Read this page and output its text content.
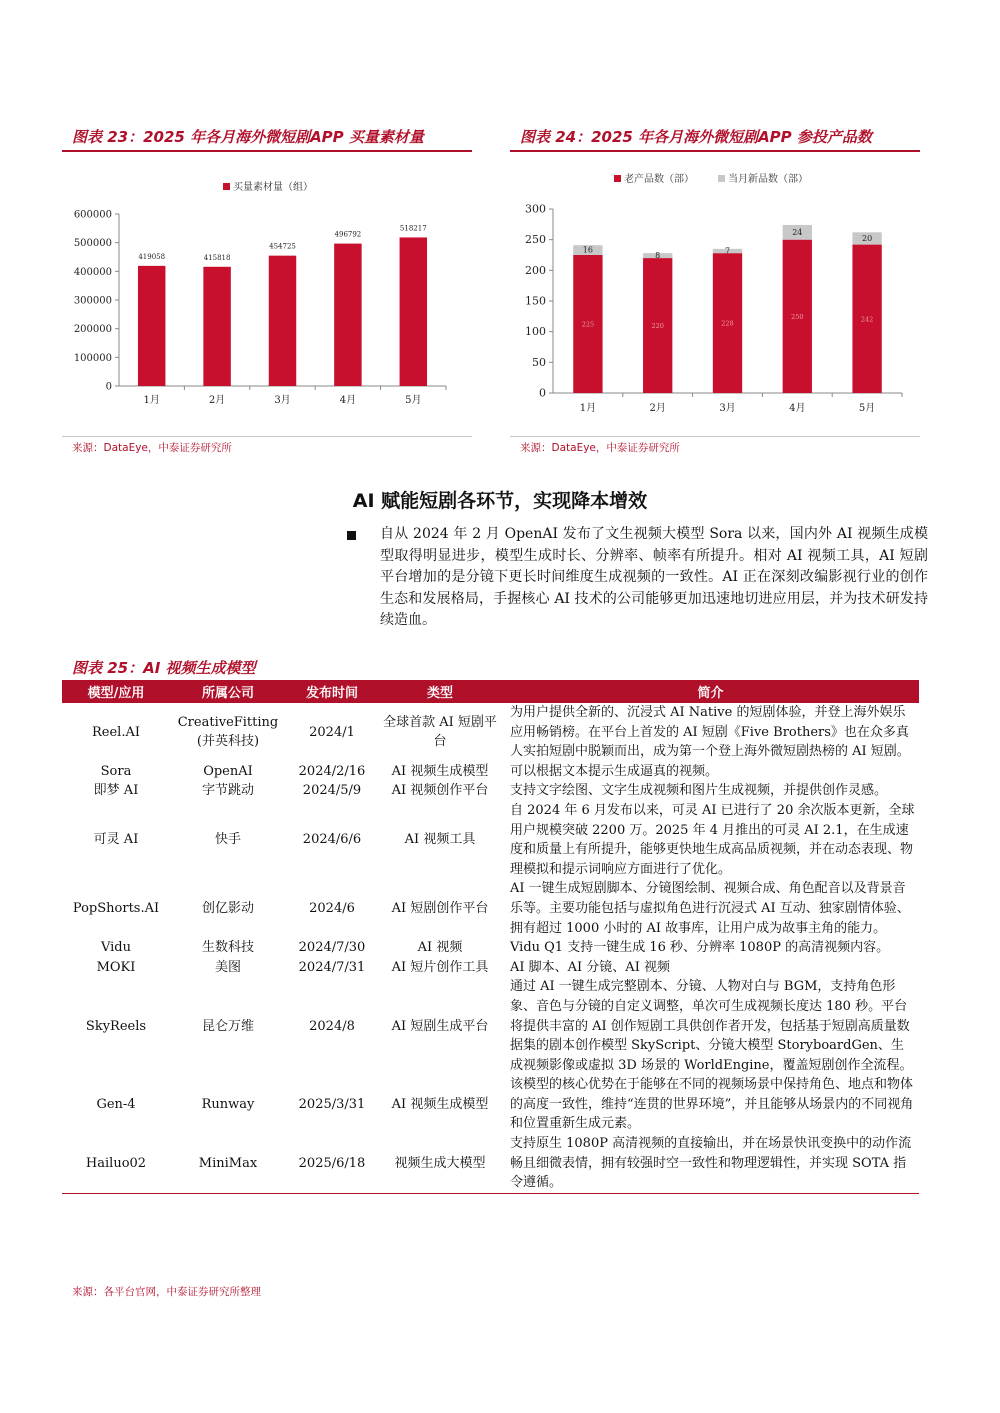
图表 23：2025 年各月海外微短剧APP 买量素材量
买量素材量（组）
0
100000
200000
300000
400000
500000
600000
419058
1月
415818
2月
454725
3月
496792
4月
518217
5月
来源：DataEye，中泰证券研究所
图表 24：2025 年各月海外微短剧APP 参投产品数
老产品数（部）	当月新品数（部）
0
50
100
150
200
250
300
225
16
1月
220
8
2月
228
7
3月
250
24
4月
242
20
5月
来源：DataEye，中泰证券研究所
AI 赋能短剧各环节，实现降本增效
自从 2024 年 2 月 OpenAI 发布了文生视频大模型 Sora 以来，国内外 AI 视频生成模型取得明显进步，模型生成时长、分辨率、帧率有所提升。相对 AI 视频工具，AI 短剧平台增加的是分镜下更长时间维度生成视频的一致性。AI 正在深刻改编影视行业的创作生态和发展格局，手握核心 AI 技术的公司能够更加迅速地切进应用层，并为技术研发持续造血。
图表 25：AI 视频生成模型
模型/应用	所属公司	发布时间	类型	简介
Reel.AI	CreativeFitting (并英科技)	2024/1	全球首款 AI 短剧平台	为用户提供全新的、沉浸式 AI Native 的短剧体验，并登上海外娱乐应用畅销榜。在平台上首发的 AI 短剧《Five Brothers》也在众多真人实拍短剧中脱颖而出，成为第一个登上海外微短剧热榜的 AI 短剧。
Sora	OpenAI	2024/2/16	AI 视频生成模型	可以根据文本提示生成逼真的视频。
即梦 AI	字节跳动	2024/5/9	AI 视频创作平台	支持文字绘图、文字生成视频和图片生成视频，并提供创作灵感。
可灵 AI	快手	2024/6/6	AI 视频工具	自 2024 年 6 月发布以来，可灵 AI 已进行了 20 余次版本更新，全球用户规模突破 2200 万。2025 年 4 月推出的可灵 AI 2.1，在生成速度和质量上有所提升，能够更快地生成高品质视频，并在动态表现、物理模拟和提示词响应方面进行了优化。
PopShorts.AI	创亿影动	2024/6	AI 短剧创作平台	AI 一键生成短剧脚本、分镜图绘制、视频合成、角色配音以及背景音乐等。主要功能包括与虚拟角色进行沉浸式 AI 互动、独家剧情体验、拥有超过 1000 小时的 AI 故事库，让用户成为故事主角的能力。
Vidu	生数科技	2024/7/30	AI 视频	Vidu Q1 支持一键生成 16 秒、分辨率 1080P 的高清视频内容。
MOKI	美图	2024/7/31	AI 短片创作工具	AI 脚本、AI 分镜、AI 视频
SkyReels	昆仑万维	2024/8	AI 短剧生成平台	通过 AI 一键生成完整剧本、分镜、人物对白与 BGM，支持角色形象、音色与分镜的自定义调整，单次可生成视频长度达 180 秒。平台将提供丰富的 AI 创作短剧工具供创作者开发，包括基于短剧高质量数据集的剧本创作模型 SkyScript、分镜大模型 StoryboardGen、生成视频影像或虚拟 3D 场景的 WorldEngine，覆盖短剧创作全流程。
Gen-4	Runway	2025/3/31	AI 视频生成模型	该模型的核心优势在于能够在不同的视频场景中保持角色、地点和物体的高度一致性，维持“连贯的世界环境”，并且能够从场景内的不同视角和位置重新生成元素。
Hailuo02	MiniMax	2025/6/18	视频生成大模型	支持原生 1080P 高清视频的直接输出，并在场景快讯变换中的动作流畅且细微表情，拥有较强时空一致性和物理逻辑性，并实现 SOTA 指令遵循。
来源：各平台官网，中泰证券研究所整理
